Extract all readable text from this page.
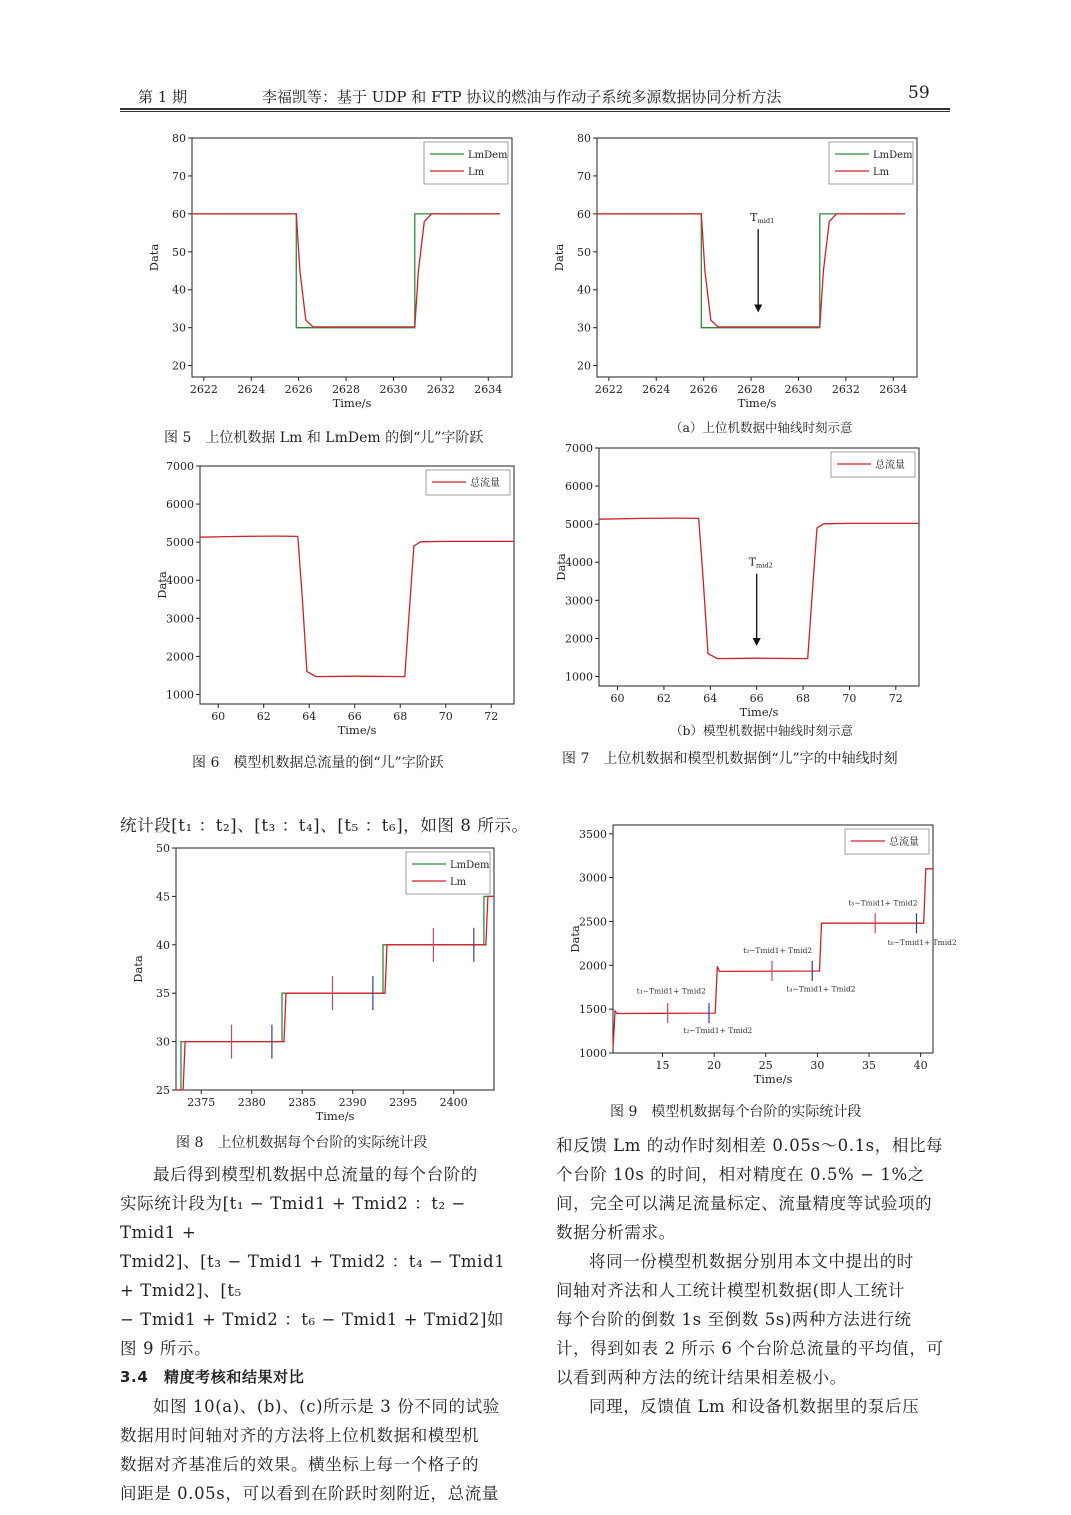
第 1 期	李福凯等：基于 UDP 和 FTP 协议的燃油与作动子系统多源数据协同分析方法	59
2622 2624 2626 2628 2630 2632 2634
20
30
40
50
60
70
80
Time/s
Data
LmDem
Lm
2622 2624 2626 2628 2630 2632 2634
20
30
40
50
60
70
80
Time/s
Data
Tmid1
LmDem
Lm
60	62	64	66	68	70	72
1000
2000
3000
4000
5000
6000
7000
Time/s
Data
总流量
60	62	64	66	68	70	72
1000
2000
3000
4000
5000
6000
7000
Time/s
Data	Tmid2
总流量
2375 2380 2385 2390 2395 2400
25
30
35
40
45
50
Time/s
Data
LmDem
Lm
15	20	25	30	35	40
1000
1500
2000
2500
3000
3500
Time/s
Data
t₁−Tmid1+ Tmid2
t₂−Tmid1+ Tmid2
t₃−Tmid1+ Tmid2
t₄−Tmid1+ Tmid2
t₅−Tmid1+ Tmid2
t₆−Tmid1+ Tmid2
总流量
图 5　上位机数据 Lm 和 LmDem 的倒“儿”字阶跃
（a）上位机数据中轴线时刻示意
图 6　模型机数据总流量的倒“儿”字阶跃
（b）模型机数据中轴线时刻示意
图 7　上位机数据和模型机数据倒“儿”字的中轴线时刻
图 8　上位机数据每个台阶的实际统计段
图 9　模型机数据每个台阶的实际统计段
统计段[t₁ ：t₂]、[t₃ ：t₄]、[t₅ ：t₆]，如图 8 所示。

最后得到模型机数据中总流量的每个台阶的

实际统计段为[t₁ − Tmid1 + Tmid2 ：t₂ − Tmid1 +

Tmid2]、[t₃ − Tmid1 + Tmid2 ：t₄ − Tmid1 + Tmid2]、[t₅

− Tmid1 + Tmid2 ：t₆ − Tmid1 + Tmid2]如图 9 所示。

3.4　精度考核和结果对比

如图 10(a)、(b)、(c)所示是 3 份不同的试验

数据用时间轴对齐的方法将上位机数据和模型机

数据对齐基准后的效果。横坐标上每一个格子的

间距是 0.05s，可以看到在阶跃时刻附近，总流量

和反馈 Lm 的动作时刻相差 0.05s～0.1s，相比每

个台阶 10s 的时间，相对精度在 0.5% − 1%之

间，完全可以满足流量标定、流量精度等试验项的

数据分析需求。

将同一份模型机数据分别用本文中提出的时

间轴对齐法和人工统计模型机数据(即人工统计

每个台阶的倒数 1s 至倒数 5s)两种方法进行统

计，得到如表 2 所示 6 个台阶总流量的平均值，可

以看到两种方法的统计结果相差极小。

同理，反馈值 Lm 和设备机数据里的泵后压
